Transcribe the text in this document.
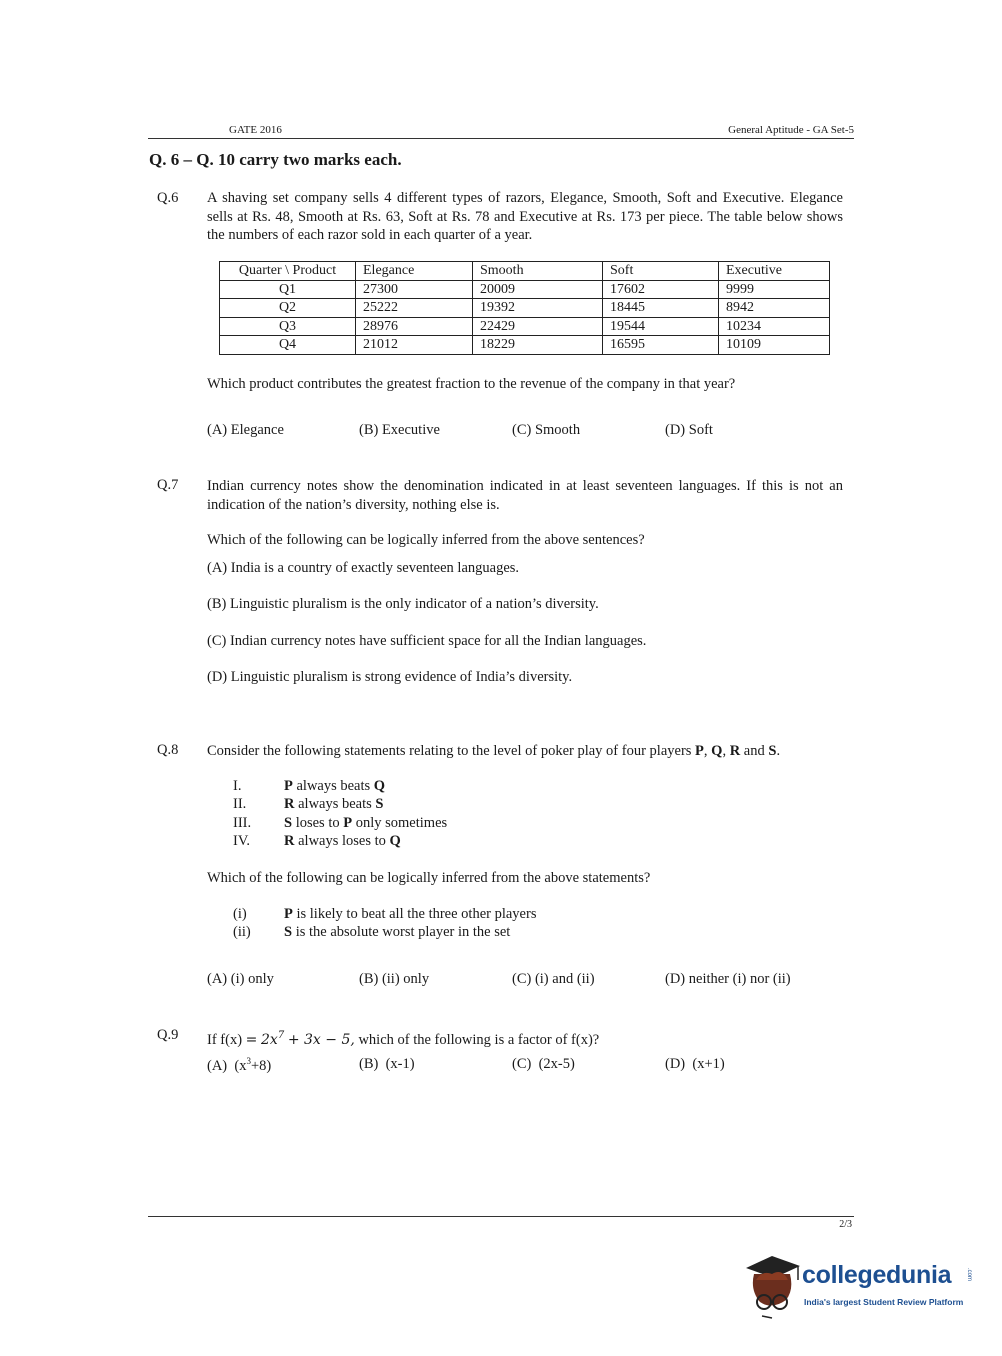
GATE 2016	General Aptitude - GA Set-5
Q. 6 – Q. 10 carry two marks each.
Q.6 A shaving set company sells 4 different types of razors, Elegance, Smooth, Soft and Executive. Elegance sells at Rs. 48, Smooth at Rs. 63, Soft at Rs. 78 and Executive at Rs. 173 per piece. The table below shows the numbers of each razor sold in each quarter of a year.
Quarter \ Product	Elegance	Smooth	Soft	Executive
Q1	27300	20009	17602	9999
Q2	25222	19392	18445	8942
Q3	28976	22429	19544	10234
Q4	21012	18229	16595	10109
Which product contributes the greatest fraction to the revenue of the company in that year?
(A) Elegance	(B) Executive	(C) Smooth	(D) Soft
Q.7 Indian currency notes show the denomination indicated in at least seventeen languages. If this is not an indication of the nation’s diversity, nothing else is.
Which of the following can be logically inferred from the above sentences?
(A) India is a country of exactly seventeen languages.
(B) Linguistic pluralism is the only indicator of a nation’s diversity.
(C) Indian currency notes have sufficient space for all the Indian languages.
(D) Linguistic pluralism is strong evidence of India’s diversity.
Q.8 Consider the following statements relating to the level of poker play of four players P, Q, R and S.
I.	P always beats Q
II.	R always beats S
III.	S loses to P only sometimes
IV.	R always loses to Q
Which of the following can be logically inferred from the above statements?
(i)	P is likely to beat all the three other players
(ii)	S is the absolute worst player in the set
(A) (i) only	(B) (ii) only	(C) (i) and (ii)	(D) neither (i) nor (ii)
Q.9 If $f(x) = 2x^7 + 3x - 5$, which of the following is a factor of f(x)?
(A) $(x^3+8)$	(B) (x-1)	(C) (2x-5)	(D) (x+1)
2/3
collegedunia .com
India's largest Student Review Platform
